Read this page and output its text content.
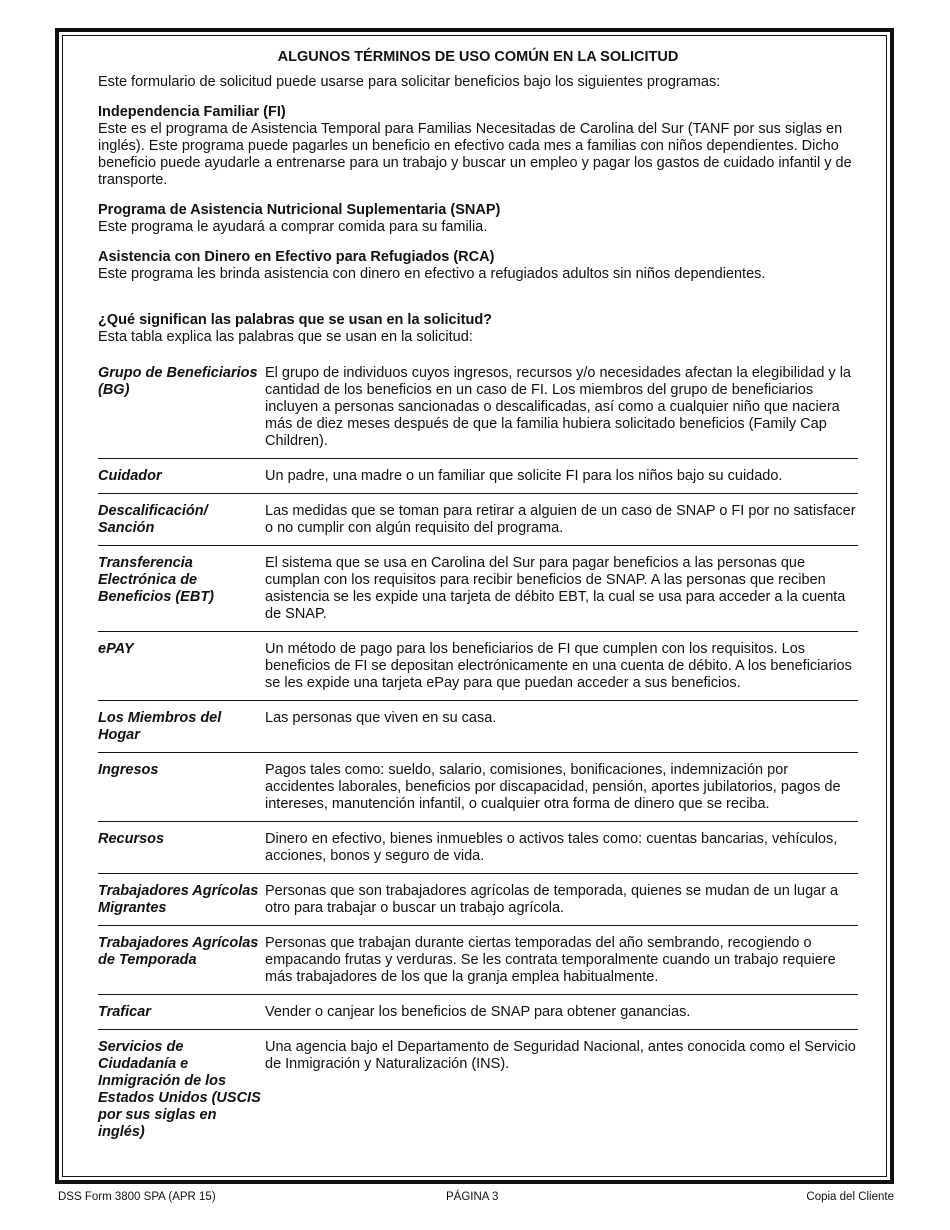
ALGUNOS TÉRMINOS DE USO COMÚN EN LA SOLICITUD

Este formulario de solicitud puede usarse para solicitar beneficios bajo los siguientes programas:

Independencia Familiar (FI)

Este es el programa de Asistencia Temporal para Familias Necesitadas de Carolina del Sur (TANF por sus siglas en inglés). Este programa puede pagarles un beneficio en efectivo cada mes a familias con niños dependientes. Dicho beneficio puede ayudarle a entrenarse para un trabajo y buscar un empleo y pagar los gastos de cuidado infantil y de transporte.

Programa de Asistencia Nutricional Suplementaria (SNAP)

Este programa le ayudará a comprar comida para su familia.

Asistencia con Dinero en Efectivo para Refugiados (RCA)

Este programa les brinda asistencia con dinero en efectivo a refugiados adultos sin niños dependientes.

¿Qué significan las palabras que se usan en la solicitud?

Esta tabla explica las palabras que se usan en la solicitud:

Grupo de Beneficiarios (BG)	El grupo de individuos cuyos ingresos, recursos y/o necesidades afectan la elegibilidad y la cantidad de los beneficios en un caso de FI. Los miembros del grupo de beneficiarios incluyen a personas sancionadas o descalificadas, así como a cualquier niño que naciera más de diez meses después de que la familia hubiera solicitado beneficios (Family Cap Children).
Cuidador	Un padre, una madre o un familiar que solicite FI para los niños bajo su cuidado.
Descalificación/ Sanción	Las medidas que se toman para retirar a alguien de un caso de SNAP o FI por no satisfacer o no cumplir con algún requisito del programa.
Transferencia Electrónica de Beneficios (EBT)	El sistema que se usa en Carolina del Sur para pagar beneficios a las personas que cumplan con los requisitos para recibir beneficios de SNAP. A las personas que reciben asistencia se les expide una tarjeta de débito EBT, la cual se usa para acceder a la cuenta de SNAP.
ePAY	Un método de pago para los beneficiarios de FI que cumplen con los requisitos. Los beneficios de FI se depositan electrónicamente en una cuenta de débito. A los beneficiarios se les expide una tarjeta ePay para que puedan acceder a sus beneficios.
Los Miembros del Hogar	Las personas que viven en su casa.
Ingresos	Pagos tales como: sueldo, salario, comisiones, bonificaciones, indemnización por accidentes laborales, beneficios por discapacidad, pensión, aportes jubilatorios, pagos de intereses, manutención infantil, o cualquier otra forma de dinero que se reciba.
Recursos	Dinero en efectivo, bienes inmuebles o activos tales como: cuentas bancarias, vehículos, acciones, bonos y seguro de vida.
Trabajadores Agrícolas Migrantes	Personas que son trabajadores agrícolas de temporada, quienes se mudan de un lugar a otro para trabajar o buscar un trabajo agrícola.
Trabajadores Agrícolas de Temporada	Personas que trabajan durante ciertas temporadas del año sembrando, recogiendo o empacando frutas y verduras. Se les contrata temporalmente cuando un trabajo requiere más trabajadores de los que la granja emplea habitualmente.
Traficar	Vender o canjear los beneficios de SNAP para obtener ganancias.
Servicios de Ciudadanía e Inmigración de los Estados Unidos (USCIS por sus siglas en inglés)	Una agencia bajo el Departamento de Seguridad Nacional, antes conocida como el Servicio de Inmigración y Naturalización (INS).
DSS Form 3800 SPA (APR 15)	PÁGINA 3	Copia del Cliente
